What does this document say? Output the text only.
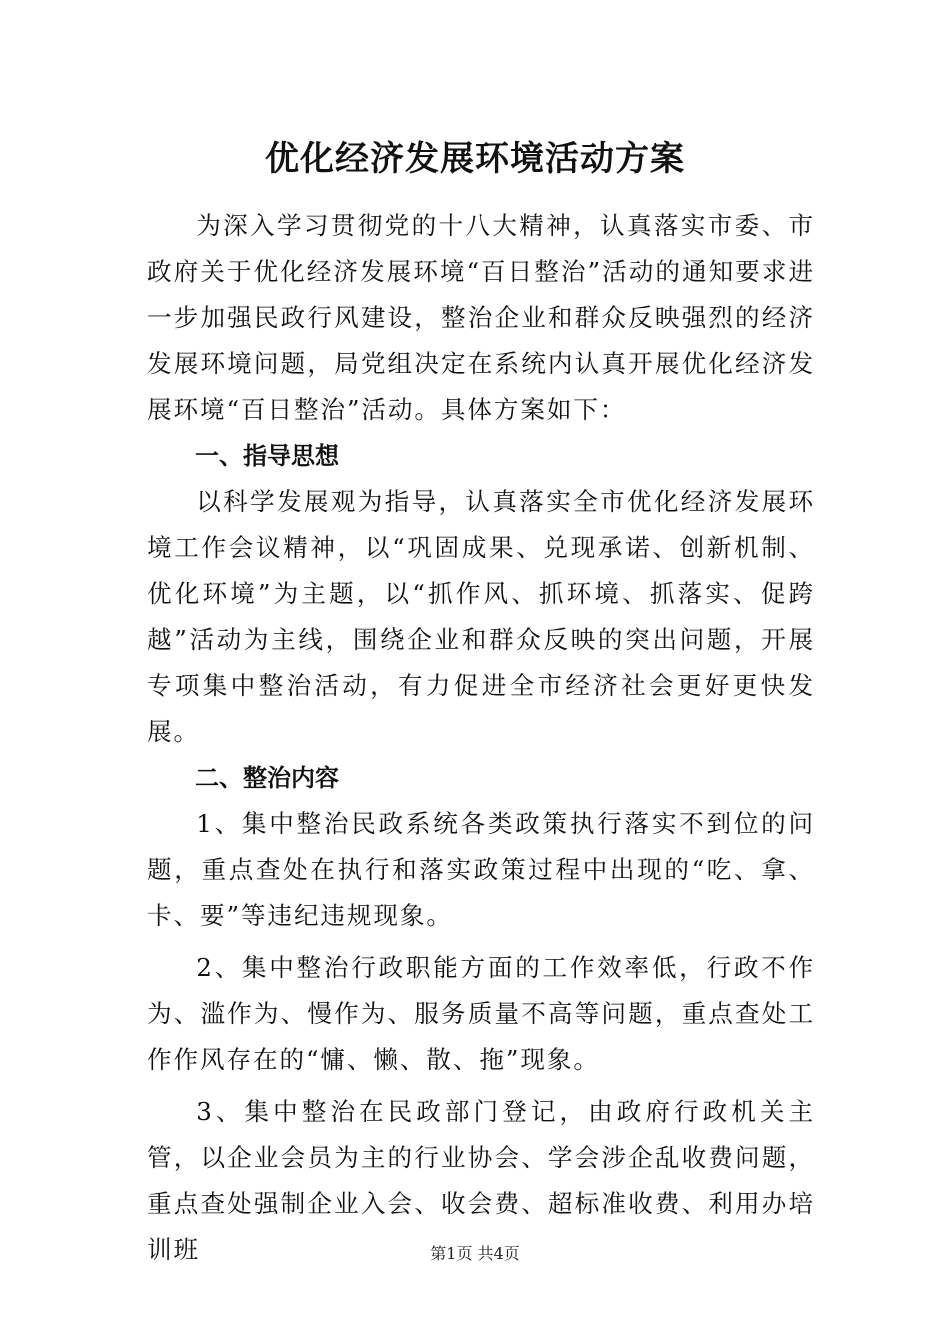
优化经济发展环境活动方案

为深入学习贯彻党的十八大精神，认真落实市委、市政府关于优化经济发展环境“百日整治”活动的通知要求进一步加强民政行风建设，整治企业和群众反映强烈的经济发展环境问题，局党组决定在系统内认真开展优化经济发展环境“百日整治”活动。具体方案如下：

一、指导思想

以科学发展观为指导，认真落实全市优化经济发展环境工作会议精神，以“巩固成果、兑现承诺、创新机制、优化环境”为主题，以“抓作风、抓环境、抓落实、促跨越”活动为主线，围绕企业和群众反映的突出问题，开展专项集中整治活动，有力促进全市经济社会更好更快发展。

二、整治内容

1、集中整治民政系统各类政策执行落实不到位的问题，重点查处在执行和落实政策过程中出现的“吃、拿、卡、要”等违纪违规现象。

2、集中整治行政职能方面的工作效率低，行政不作为、滥作为、慢作为、服务质量不高等问题，重点查处工作作风存在的“慵、懒、散、拖”现象。

3、集中整治在民政部门登记，由政府行政机关主管，以企业会员为主的行业协会、学会涉企乱收费问题，重点查处强制企业入会、收会费、超标准收费、利用办培训班	第1页 共4页
